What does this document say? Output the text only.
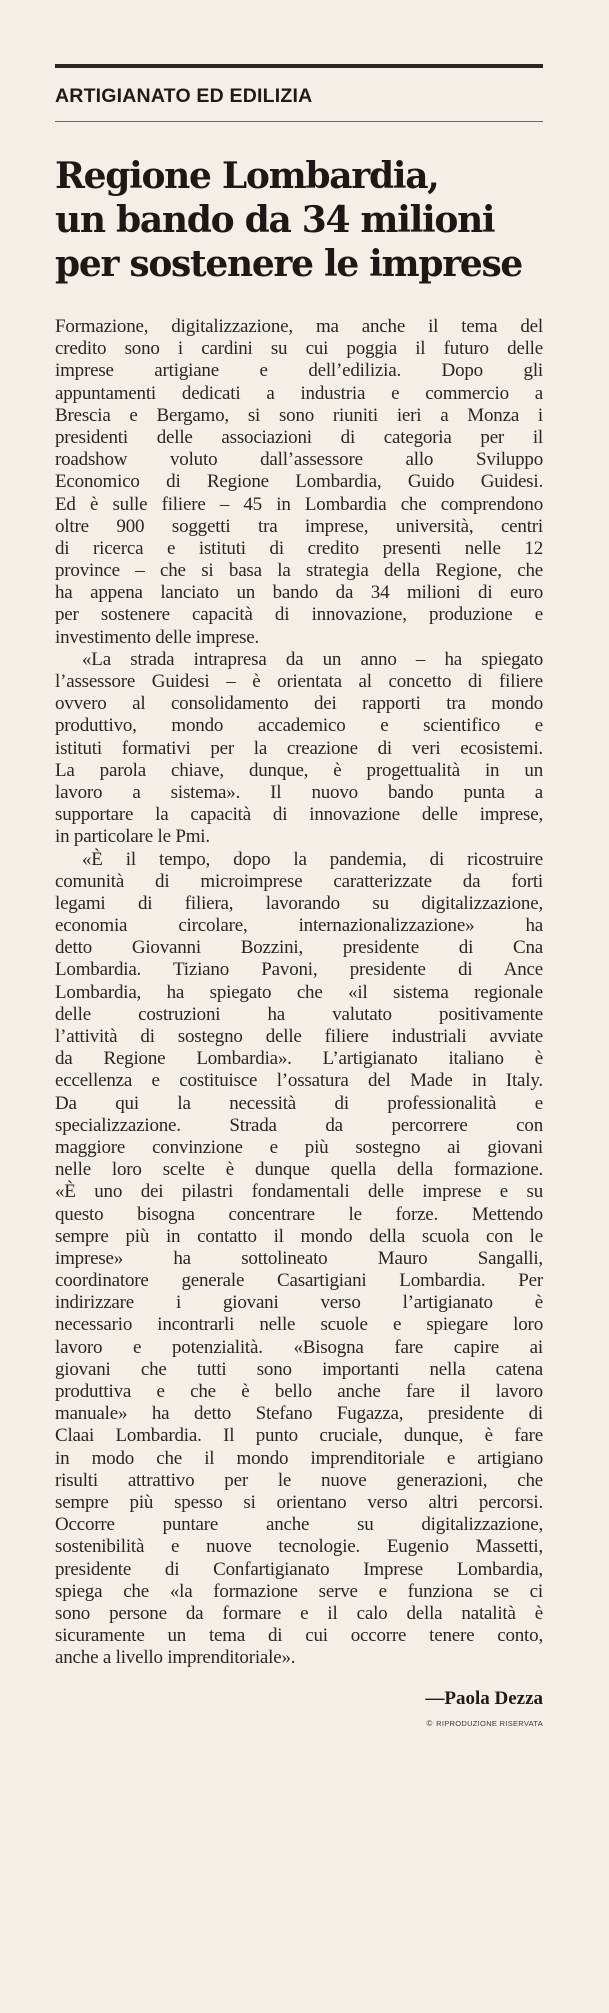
ARTIGIANATO ED EDILIZIA
Regione Lombardia,
un bando da 34 milioni
per sostenere le imprese
Formazione, digitalizzazione, ma anche il tema del
credito sono i cardini su cui poggia il futuro delle
imprese artigiane e dell’edilizia. Dopo gli
appuntamenti dedicati a industria e commercio a
Brescia e Bergamo, si sono riuniti ieri a Monza i
presidenti delle associazioni di categoria per il
roadshow voluto dall’assessore allo Sviluppo
Economico di Regione Lombardia, Guido Guidesi.
Ed è sulle filiere – 45 in Lombardia che comprendono
oltre 900 soggetti tra imprese, università, centri
di ricerca e istituti di credito presenti nelle 12
province – che si basa la strategia della Regione, che
ha appena lanciato un bando da 34 milioni di euro
per sostenere capacità di innovazione, produzione e
investimento delle imprese.
«La strada intrapresa da un anno – ha spiegato
l’assessore Guidesi – è orientata al concetto di filiere
ovvero al consolidamento dei rapporti tra mondo
produttivo, mondo accademico e scientifico e
istituti formativi per la creazione di veri ecosistemi.
La parola chiave, dunque, è progettualità in un
lavoro a sistema». Il nuovo bando punta a
supportare la capacità di innovazione delle imprese,
in particolare le Pmi.
«È il tempo, dopo la pandemia, di ricostruire
comunità di microimprese caratterizzate da forti
legami di filiera, lavorando su digitalizzazione,
economia circolare, internazionalizzazione» ha
detto Giovanni Bozzini, presidente di Cna
Lombardia. Tiziano Pavoni, presidente di Ance
Lombardia, ha spiegato che «il sistema regionale
delle costruzioni ha valutato positivamente
l’attività di sostegno delle filiere industriali avviate
da Regione Lombardia». L’artigianato italiano è
eccellenza e costituisce l’ossatura del Made in Italy.
Da qui la necessità di professionalità e
specializzazione. Strada da percorrere con
maggiore convinzione e più sostegno ai giovani
nelle loro scelte è dunque quella della formazione.
«È uno dei pilastri fondamentali delle imprese e su
questo bisogna concentrare le forze. Mettendo
sempre più in contatto il mondo della scuola con le
imprese» ha sottolineato Mauro Sangalli,
coordinatore generale Casartigiani Lombardia. Per
indirizzare i giovani verso l’artigianato è
necessario incontrarli nelle scuole e spiegare loro
lavoro e potenzialità. «Bisogna fare capire ai
giovani che tutti sono importanti nella catena
produttiva e che è bello anche fare il lavoro
manuale» ha detto Stefano Fugazza, presidente di
Claai Lombardia. Il punto cruciale, dunque, è fare
in modo che il mondo imprenditoriale e artigiano
risulti attrattivo per le nuove generazioni, che
sempre più spesso si orientano verso altri percorsi.
Occorre puntare anche su digitalizzazione,
sostenibilità e nuove tecnologie. Eugenio Massetti,
presidente di Confartigianato Imprese Lombardia,
spiega che «la formazione serve e funziona se ci
sono persone da formare e il calo della natalità è
sicuramente un tema di cui occorre tenere conto,
anche a livello imprenditoriale».
—Paola Dezza
© RIPRODUZIONE RISERVATA
